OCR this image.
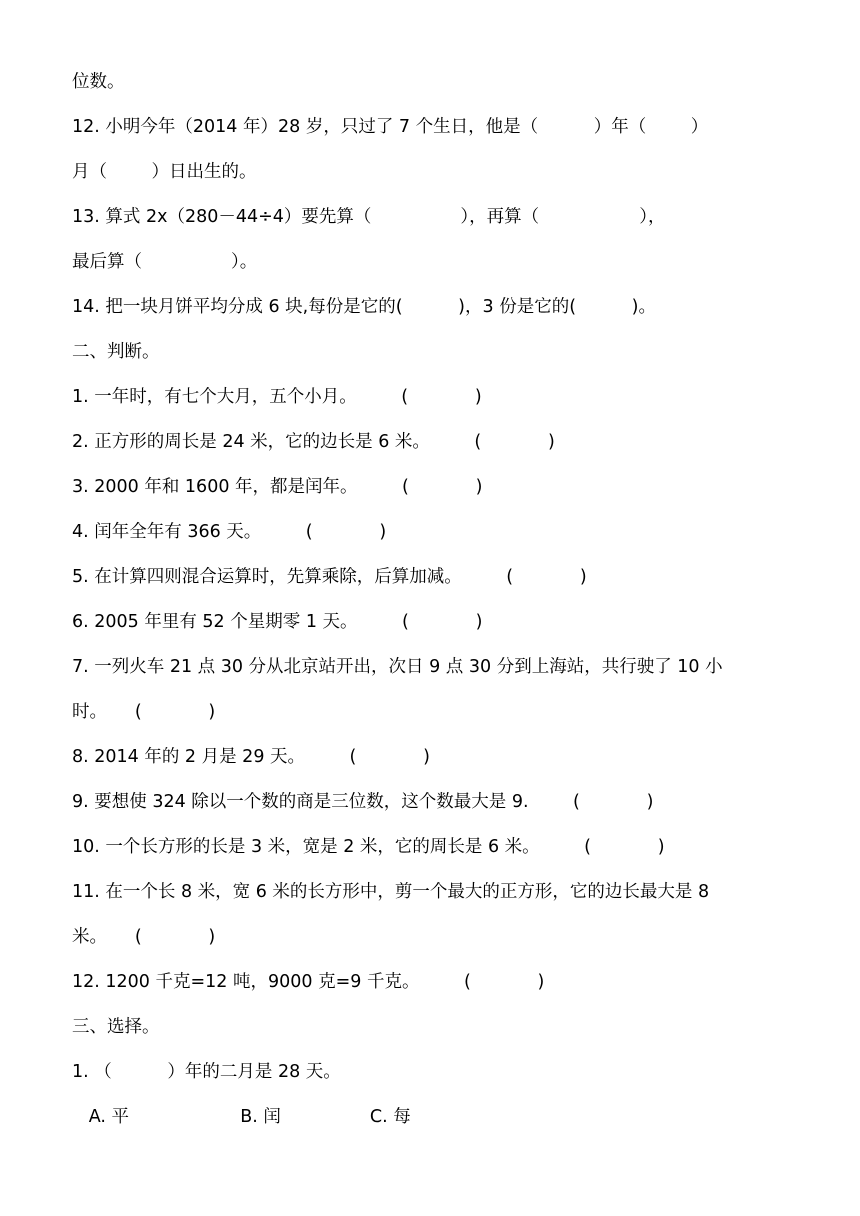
位数。
12. 小明今年（2014 年）28 岁，只过了 7 个生日，他是（          ）年（        ）
月（        ）日出生的。
13. 算式 2x（280－44÷4）要先算（                ），再算（                  ），
最后算（                ）。
14. 把一块月饼平均分成 6 块,每份是它的(          )，3 份是它的(          )。
二、判断。
1. 一年时，有七个大月，五个小月。        (            )
2. 正方形的周长是 24 米，它的边长是 6 米。        (            )
3. 2000 年和 1600 年，都是闰年。        (            )
4. 闰年全年有 366 天。        (            )
5. 在计算四则混合运算时，先算乘除，后算加减。        (            )
6. 2005 年里有 52 个星期零 1 天。        (            )
7. 一列火车 21 点 30 分从北京站开出，次日 9 点 30 分到上海站，共行驶了 10 小
时。     (            )
8. 2014 年的 2 月是 29 天。        (            )
9. 要想使 324 除以一个数的商是三位数，这个数最大是 9.        (            )
10. 一个长方形的长是 3 米，宽是 2 米，它的周长是 6 米。        (            )
11. 在一个长 8 米，宽 6 米的长方形中，剪一个最大的正方形，它的边长最大是 8
米。     (            )
12. 1200 千克=12 吨，9000 克=9 千克。        (            )
三、选择。
1. （          ）年的二月是 28 天。
A. 平                    B. 闰                C. 每
